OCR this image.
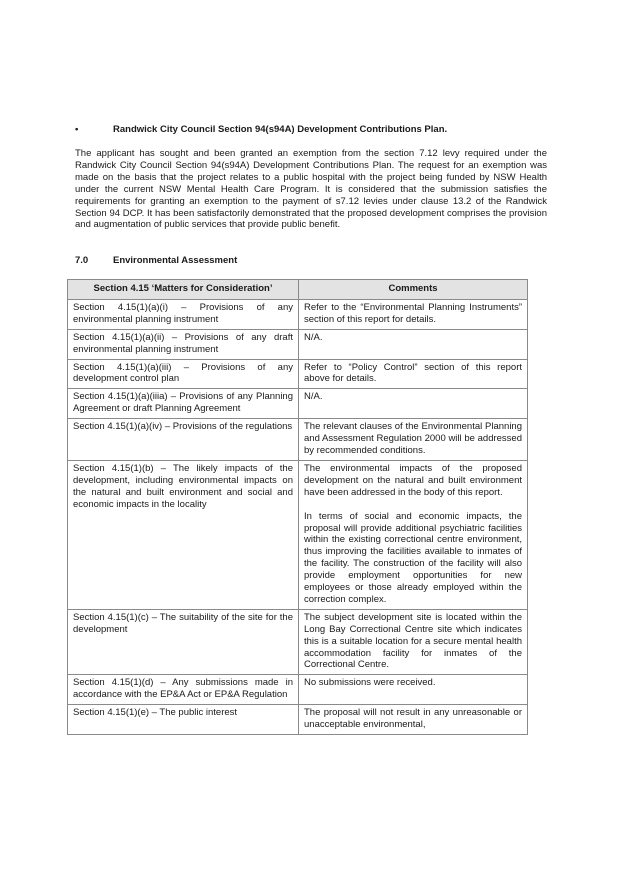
•	Randwick City Council Section 94(s94A) Development Contributions Plan.

The applicant has sought and been granted an exemption from the section 7.12 levy required under the Randwick City Council Section 94(s94A) Development Contributions Plan. The request for an exemption was made on the basis that the project relates to a public hospital with the project being funded by NSW Health under the current NSW Mental Health Care Program. It is considered that the submission satisfies the requirements for granting an exemption to the payment of s7.12 levies under clause 13.2 of the Randwick Section 94 DCP. It has been satisfactorily demonstrated that the proposed development comprises the provision and augmentation of public services that provide public benefit.

7.0	Environmental Assessment
Section 4.15 ‘Matters for Consideration’	Comments
Section 4.15(1)(a)(i) – Provisions of any environmental planning instrument	Refer to the “Environmental Planning Instruments” section of this report for details.

Section 4.15(1)(a)(ii) – Provisions of any draft environmental planning instrument	N/A.

Section 4.15(1)(a)(iii) – Provisions of any development control plan	Refer to “Policy Control” section of this report above for details.

Section 4.15(1)(a)(iiia) – Provisions of any Planning Agreement or draft Planning Agreement	N/A.

Section 4.15(1)(a)(iv) – Provisions of the regulations	The relevant clauses of the Environmental Planning and Assessment Regulation 2000 will be addressed by recommended conditions.

Section 4.15(1)(b) – The likely impacts of the development, including environmental impacts on the natural and built environment and social and economic impacts in the locality	The environmental impacts of the proposed development on the natural and built environment have been addressed in the body of this report.

In terms of social and economic impacts, the proposal will provide additional psychiatric facilities within the existing correctional centre environment, thus improving the facilities available to inmates of the facility. The construction of the facility will also provide employment opportunities for new employees or those already employed within the correction complex.

Section 4.15(1)(c) – The suitability of the site for the development	The subject development site is located within the Long Bay Correctional Centre site which indicates this is a suitable location for a secure mental health accommodation facility for inmates of the Correctional Centre.

Section 4.15(1)(d) – Any submissions made in accordance with the EP&A Act or EP&A Regulation	No submissions were received.

Section 4.15(1)(e) – The public interest	The proposal will not result in any unreasonable or unacceptable environmental,
